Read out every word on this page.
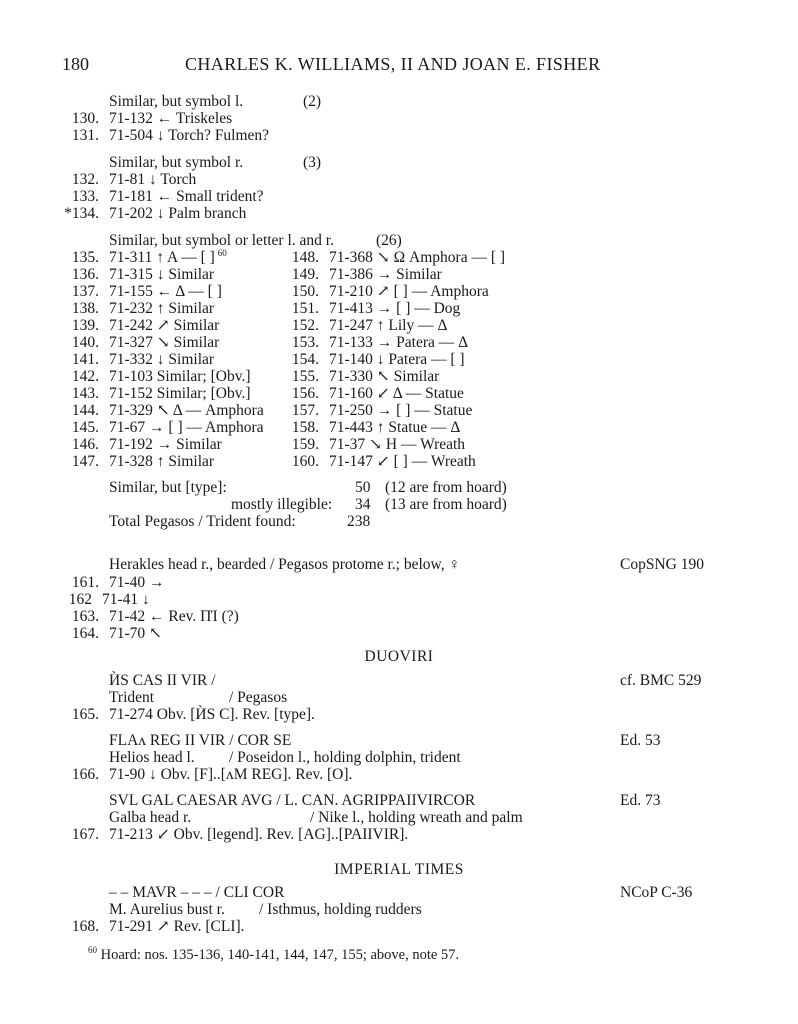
180	CHARLES K. WILLIAMS, II AND JOAN E. FISHER
Similar, but symbol l.	(2)
130. 71-132 ← Triskeles
131. 71-504 ↓ Torch? Fulmen?
Similar, but symbol r.	(3)
132. 71-81 ↓ Torch
133. 71-181 ← Small trident?
*134. 71-202 ↓ Palm branch
Similar, but symbol or letter l. and r.	(26)
135. 71-311 ↑ A — [ ] $^{60}$
136. 71-315 ↓ Similar
137. 71-155 ← Δ — [ ]
138. 71-232 ↑ Similar
139. 71-242 ↗ Similar
140. 71-327 ↘ Similar
141. 71-332 ↓ Similar
142. 71-103 Similar; [Obv.]
143. 71-152 Similar; [Obv.]
144. 71-329 ↖ Δ — Amphora
145. 71-67 → [ ] — Amphora
146. 71-192 → Similar
147. 71-328 ↑ Similar
148. 71-368 ↘ Ω Amphora — [ ]
149. 71-386 → Similar
150. 71-210 ↗ [ ] — Amphora
151. 71-413 → [ ] — Dog
152. 71-247 ↑ Lily — Δ
153. 71-133 → Patera — Δ
154. 71-140 ↓ Patera — [ ]
155. 71-330 ↖ Similar
156. 71-160 ↙ Δ — Statue
157. 71-250 → [ ] — Statue
158. 71-443 ↑ Statue — Δ
159. 71-37 ↘ H — Wreath
160. 71-147 ↙ [ ] — Wreath
Similar, but [type]:	50 (12 are from hoard)
mostly illegible: 34 (13 are from hoard)
Total Pegasos / Trident found:	238
Herakles head r., bearded / Pegasos protome r.; below, ♀	CopSNG 190
161. 71-40 →
162 71-41 ↓
163. 71-42 ← Rev. ΠΊ (?)
164. 71-70 ↖
DUOVIRI
ЍS CAS II VIR /	cf. BMC 529
Trident	/ Pegasos
165. 71-274 Obv. [ЍS C]. Rev. [type].
FLAʌ REG II VIR / COR SE	Ed. 53
Helios head l. / Poseidon l., holding dolphin, trident
166. 71-90 ↓ Obv. [F]..[ʌM REG]. Rev. [O].
SVL GAL CAESAR AVG / L. CAN. AGRIPPAIIVIRCOR	Ed. 73
Galba head r.	/ Nike l., holding wreath and palm
167. 71-213 ↙ Obv. [legend]. Rev. [AG]..[PAIIVIR].
IMPERIAL TIMES
– – MAVR – – – / CLI COR	NCoP C-36
M. Aurelius bust r. / Isthmus, holding rudders
168. 71-291 ↗ Rev. [CLI].
$^{60}$ Hoard: nos. 135-136, 140-141, 144, 147, 155; above, note 57.
